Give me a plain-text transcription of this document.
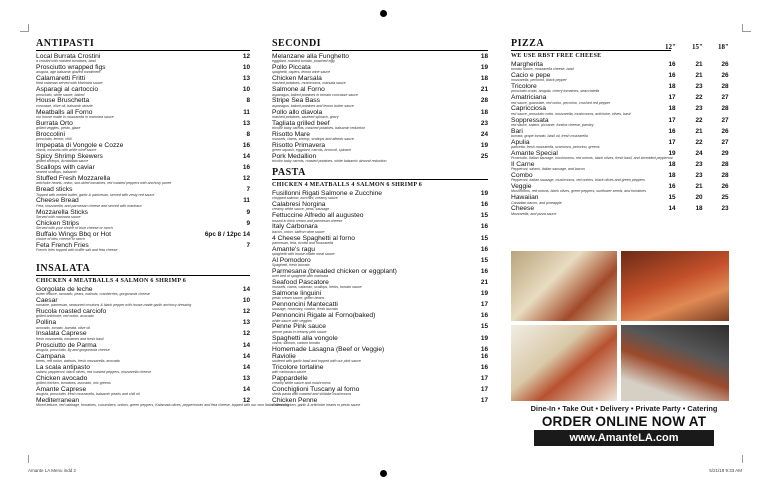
ANTIPASTI
Local Burrata Crostini	12
a crostini with roasted tomatoes, basil
Prosciutto wrapped figs	10
arugula, age balsamic glazed condiment
Calamaretti Fritti	13
fried calamari served with Marinara sauce
Asparagi al cartoccio	10
prosciutto, white sauce, baked
House Bruschetta	8
concasse, olive oil, balsamic drizzle
Meatballs all Forno	11
our house made in mozzarella in marinara sauce
Burrata Orto	13
grilled veggies, pesto, glaze
Broccolini	8
prosciutto, lemon, chili
Impepata di Vongole e Cozze	16
clams, mussels with white wine sauce
Spicy Shrimp Skewers	14
grilled shrimps, Arrabbiata sauce
Scallops with caviar	16
seared scallops, balsamic
Stuffed Fresh Mozzarella	12
artichoke hearts, onion, sun-dried tomatoes, red roasted peppers with anchovy puree
Bread sticks	7
Topped with melted butter, garlic & parmesan, served with zesty red sauce
Cheese Bread	11
Feta, mozzarella, and parmesan cheese and served with marinara
Mozzarella Sticks	9
Served with marinara sauce
Chicken Strips	9
Served with your choice of blue cheese or ranch
Buffalo Wings Bbq or Hot	6pc 8 / 12pc 14
choice of bleu cheese or ranch
Feta French Fries	7
French fries topped with truffle salt and feta cheese
INSALATA
CHICKEN 4 MEATBALLS 4 SALMON 6 SHRIMP 6
Gorgolate de leche	14
butter lettuce, avocado, pears, walnuts, cranberries, gorgonzola cheese
Caesar	10
romaine, parmesan, seasoned croutons & black pepper with house-made garlic anchovy dressing
Rucola roasted carciofo	12
grilled artichoke, red onion, avocado
Pollina	13
avocado, tomato, burrata, olive oil
Insalata Caprese	12
fresh mozzarella, tomatoes and fresh basil
Prosciutto de Parma	14
arugula, prosciutto, fig and gorgonzola cheese
Campana	14
beets, red onion, walnuts, fresh mozzarella, avocado
La scala antipasto	14
salami, pepperoni, black olives, red roasted peppers, mozzarella cheese
Chicken avocado	13
grilled chicken, tomatoes, avocado, mix greens
Amante Caprese	14
arugula, prosciutto, fresh mozzarella, balsamic pearls and chili oil
Mediterranean	12
Mixed lettuce, red cabbage, tomatoes, cucumbers, onions, green peppers, Kalamata olives, pepperoncini and feta cheese, topped with our own Italian dressing
SECONDI
Melanzane alla Funghetto	18
eggplant, roasted tomato, poached egg
Pollo Piccata	19
spaghetti, capers, lemon wine sauce
Chicken Marsala	18
mashed potatoes, mushrooms, marsala sauce
Salmone al Forno	21
asparagus, baked potatoes in tomato concasse sauce
Stripe Sea Bass	28
asparagus, baked potatoes and lemon butter sauce
Pollo allo diavola	18
mashed potatoes, sauteed spinach, gravy
Tagliata grilled beef	23
tricolor baby carrots, mashed potatoes, balsamic reduction
Risotto Mare	24
mussels, clams, shrimp, scallops and alfredo sauce
Risotto Primavera	19
green squash, eggplant, carrots, broccoli, spinach
Pork Medallion	25
tricolor baby carrots, roasted potatoes, white balsamic almond reduction
PASTA
CHICKEN 4 MEATBALLS 4 SALMON 6 SHRIMP 6
Fusillonni Rigati Salmone e Zucchine	19
chopped salmon, zucchini, creamy sauce
Calabresi Norgina	16
creamy white sauce, peas, sausage
Fettuccine Alfredo all augusteo	15
tossed in thick cream and parmesan cheese
Italy Carbonara	16
bacon, onion, saffron wine sauce
4 Cheese Spaghetti al forno	15
parmesan, feta, ricotta and mozzarella
Amante's ragu	16
spaghetti with house-made meat sauce
Al Pomodoro	15
Spaghetti, fresh burrata
Parmesana (breaded chicken or eggplant)	16
over bed of spaghetti with marinara
Seafood Pascatore	21
mussels, clams, calamari, scallops, herbs, tomato sauce
Salmone linguini	19
pesto cream sauce, green beans
Pennoncini Mantecatti	17
sausage, rosemary, cordon, fresh burrata
Pennoncini Rigate al Forno(baked)	16
white sauce with veggies
Penne Pink sauce	15
penne pasta in creamy pink sauce
Spaghetti alla vongole	19
clams, salmon, carbon tomato
Homemade Lasagna (Beef or Veggie)	16
Raviolie	16
sauteed with garlic basil and topped with our pink sauce
Tricolore tortaline	16
with carbonara sauce
Pappardelle	17
creamy white sauce and mushrooms
Conchiglioni Tuscany al forno	17
shells pasta with roasted and shiitake mushrooms
Chicken Penne	17
Grilled chicken, garlic & artichoke hearts in pesto sauce
PIZZA	12" 15" 18"
WE USE RBST FREE CHEESE
Margherita	16	21	26
tomato sauce, mozzarella cheese, basil
Cacio e pepe	16	21	26
mozzarella, pecorino, black pepper
Tricolore	18	23	28
prosciutto crudo, arugula, cherry tomatoes, stracciatella
Amatriciana	17	22	27
red sauce, guanciale, red onion, pecorino, crushed red pepper
Capricciosa	18	23	28
red sauce, prosciutto cotto, mozzarella, mushrooms, artichoke, olives, basil
Soppressata	17	22	27
red sauce, salami, piccante, fontina cheese, parsley
Bari	16	21	26
burrata, grape tomato, basil oil, fresh mozzarella
Apulia	17	22	27
pancetta, fresh mozzarella, scamorza, pecorino, greens
Amante Special	19	24	29
Prosciutto, Italian sausage, mushrooms, red onions, black olives, fresh basil, and shredded pepperoni
Il Carne	18	23	28
Pepperoni, salami, Italian sausage, and bacon
Combo	18	23	28
Pepperoni, Italian sausage, mushrooms, red onions, black olives and green peppers
Veggie	16	21	26
Mushrooms, red onions, black olives, green peppers, sunflower seeds, and tomatoes
Hawaiian	15	20	25
Canadian bacon, and pineapple
Cheese	14	18	23
Mozzarella, and pizza sauce
Dine-In • Take Out • Delivery • Private Party • Catering
ORDER ONLINE NOW AT
www.AmanteLA.com
Amante LA Menu indd 2	5/21/18 9:33 AM
